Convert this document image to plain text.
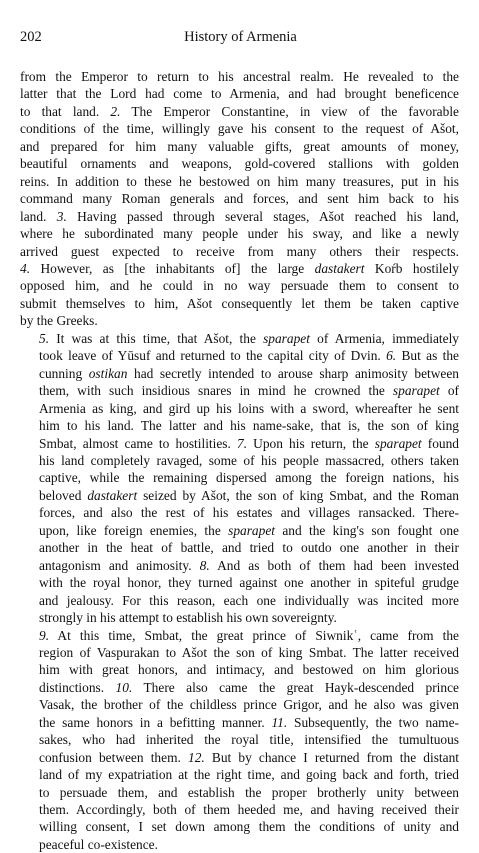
202	History of Armenia
from the Emperor to return to his ancestral realm. He revealed to the
latter that the Lord had come to Armenia, and had brought beneficence
to that land. 2. The Emperor Constantine, in view of the favorable
conditions of the time, willingly gave his consent to the request of Ašot,
and prepared for him many valuable gifts, great amounts of money,
beautiful ornaments and weapons, gold-covered stallions with golden
reins. In addition to these he bestowed on him many treasures, put in his
command many Roman generals and forces, and sent him back to his
land. 3. Having passed through several stages, Ašot reached his land,
where he subordinated many people under his sway, and like a newly
arrived guest expected to receive from many others their respects.
4. However, as [the inhabitants of] the large dastakert Koŕb hostilely
opposed him, and he could in no way persuade them to consent to
submit themselves to him, Ašot consequently let them be taken captive
by the Greeks.
5. It was at this time, that Ašot, the sparapet of Armenia, immediately
took leave of Yūsuf and returned to the capital city of Dvin. 6. But as the
cunning ostikan had secretly intended to arouse sharp animosity between
them, with such insidious snares in mind he crowned the sparapet of
Armenia as king, and gird up his loins with a sword, whereafter he sent
him to his land. The latter and his name-sake, that is, the son of king
Smbat, almost came to hostilities. 7. Upon his return, the sparapet found
his land completely ravaged, some of his people massacred, others taken
captive, while the remaining dispersed among the foreign nations, his
beloved dastakert seized by Ašot, the son of king Smbat, and the Roman
forces, and also the rest of his estates and villages ransacked. There-
upon, like foreign enemies, the sparapet and the king's son fought one
another in the heat of battle, and tried to outdo one another in their
antagonism and animosity. 8. And as both of them had been invested
with the royal honor, they turned against one another in spiteful grudge
and jealousy. For this reason, each one individually was incited more
strongly in his attempt to establish his own sovereignty.
9. At this time, Smbat, the great prince of Siwnikʿ, came from the
region of Vaspurakan to Ašot the son of king Smbat. The latter received
him with great honors, and intimacy, and bestowed on him glorious
distinctions. 10. There also came the great Hayk-descended prince
Vasak, the brother of the childless prince Grigor, and he also was given
the same honors in a befitting manner. 11. Subsequently, the two name-
sakes, who had inherited the royal title, intensified the tumultuous
confusion between them. 12. But by chance I returned from the distant
land of my expatriation at the right time, and going back and forth, tried
to persuade them, and establish the proper brotherly unity between
them. Accordingly, both of them heeded me, and having received their
willing consent, I set down among them the conditions of unity and
peaceful co-existence.
